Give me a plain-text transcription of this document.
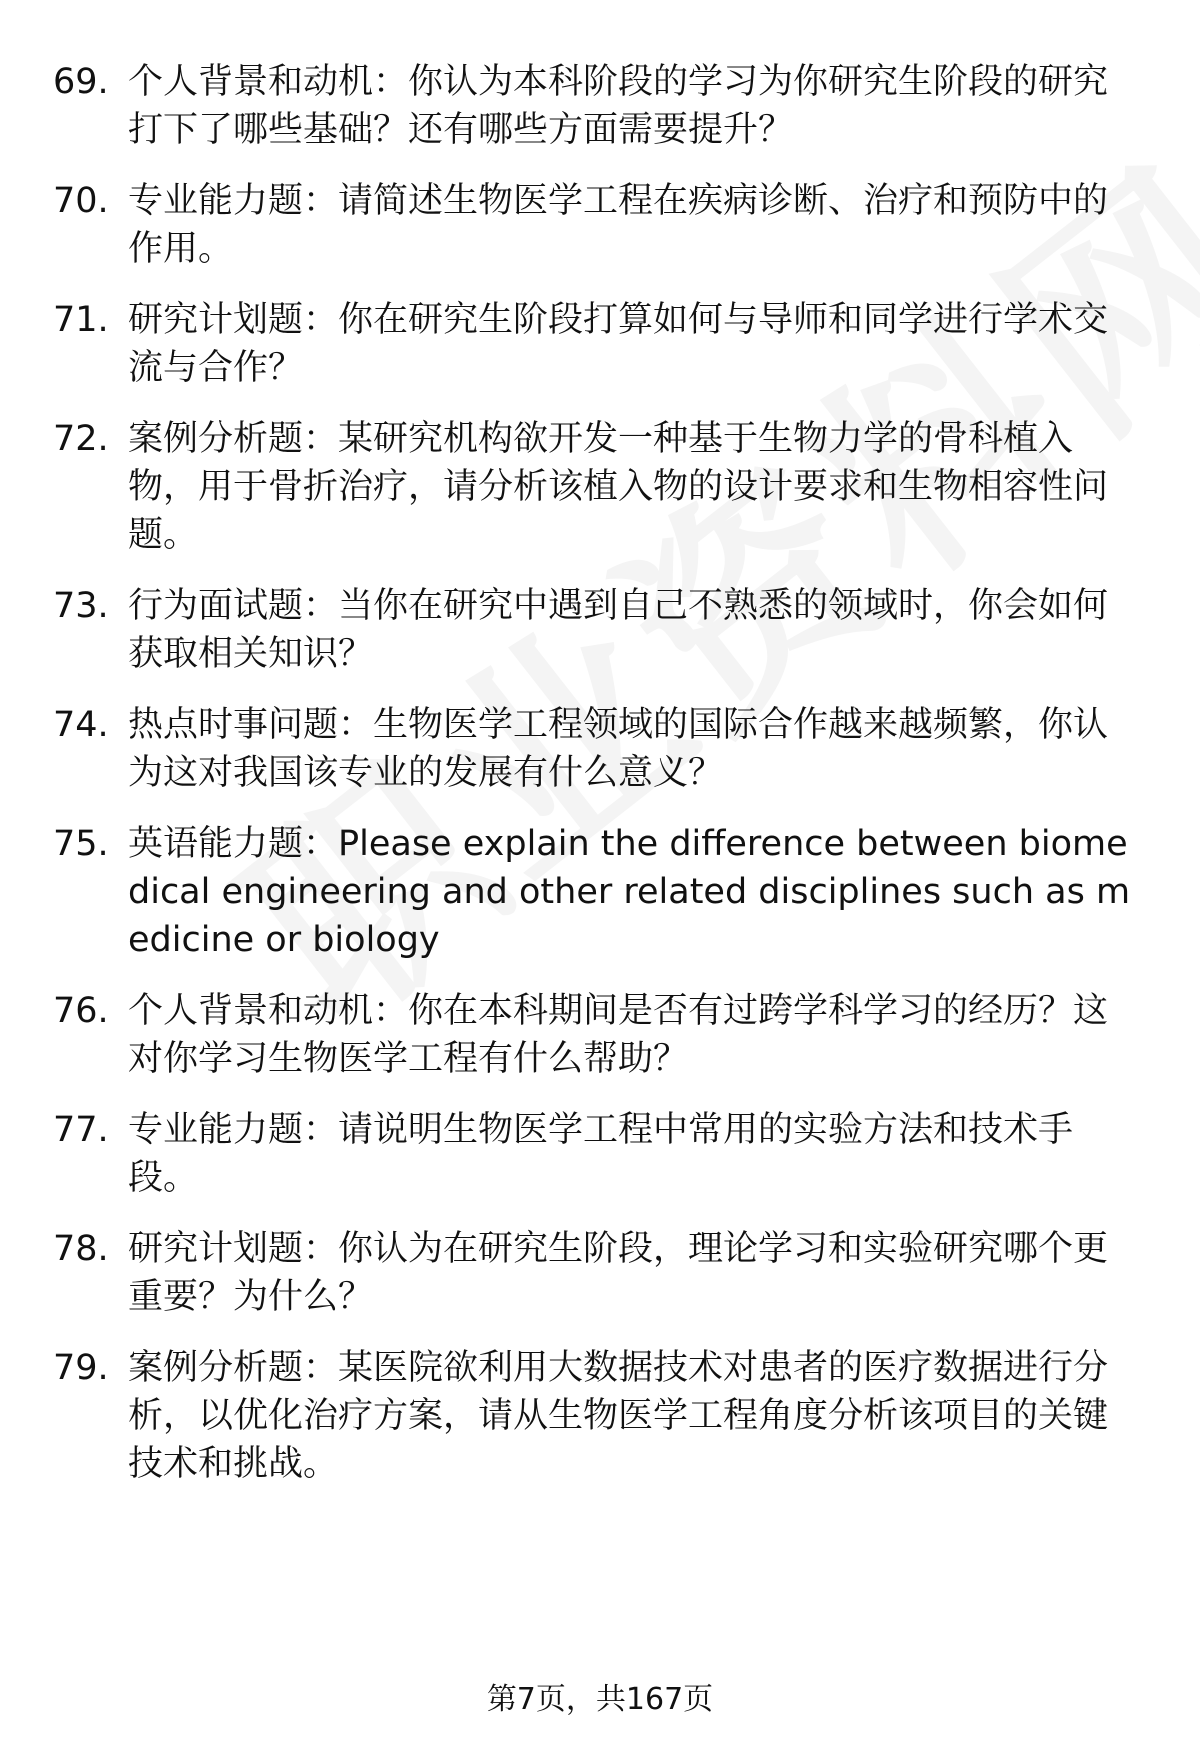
69. 个人背景和动机：你认为本科阶段的学习为你研究生阶段的研究打下了哪些基础？还有哪些方面需要提升？
70. 专业能力题：请简述生物医学工程在疾病诊断、治疗和预防中的作用。
71. 研究计划题：你在研究生阶段打算如何与导师和同学进行学术交流与合作？
72. 案例分析题：某研究机构欲开发一种基于生物力学的骨科植入物，用于骨折治疗，请分析该植入物的设计要求和生物相容性问题。
73. 行为面试题：当你在研究中遇到自己不熟悉的领域时，你会如何获取相关知识？
74. 热点时事问题：生物医学工程领域的国际合作越来越频繁，你认为这对我国该专业的发展有什么意义？
75. 英语能力题：Please explain the difference between biomedical engineering and other related disciplines such as medicine or biology
76. 个人背景和动机：你在本科期间是否有过跨学科学习的经历？这对你学习生物医学工程有什么帮助？
77. 专业能力题：请说明生物医学工程中常用的实验方法和技术手段。
78. 研究计划题：你认为在研究生阶段，理论学习和实验研究哪个更重要？为什么？
79. 案例分析题：某医院欲利用大数据技术对患者的医疗数据进行分析，以优化治疗方案，请从生物医学工程角度分析该项目的关键技术和挑战。
第7页，共167页
